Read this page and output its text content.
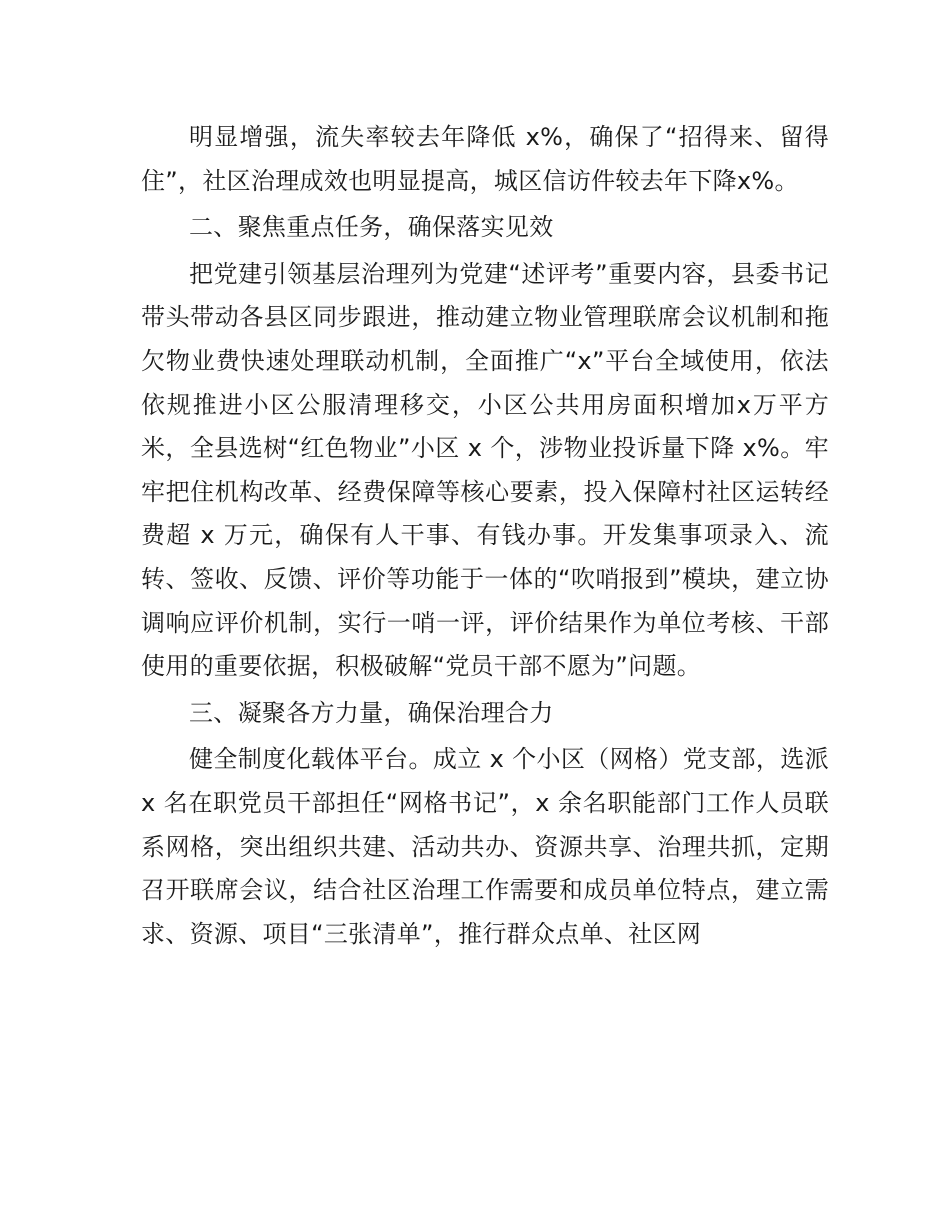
明显增强，流失率较去年降低 x%，确保了“招得来、留得住”，社区治理成效也明显提高，城区信访件较去年下降x%。

二、聚焦重点任务，确保落实见效

把党建引领基层治理列为党建“述评考”重要内容，县委书记带头带动各县区同步跟进，推动建立物业管理联席会议机制和拖欠物业费快速处理联动机制，全面推广“x”平台全域使用，依法依规推进小区公服清理移交，小区公共用房面积增加x万平方米，全县选树“红色物业”小区 x 个，涉物业投诉量下降 x%。牢牢把住机构改革、经费保障等核心要素，投入保障村社区运转经费超 x 万元，确保有人干事、有钱办事。开发集事项录入、流转、签收、反馈、评价等功能于一体的“吹哨报到”模块，建立协调响应评价机制，实行一哨一评，评价结果作为单位考核、干部使用的重要依据，积极破解“党员干部不愿为”问题。

三、凝聚各方力量，确保治理合力

健全制度化载体平台。成立 x 个小区（网格）党支部，选派 x 名在职党员干部担任“网格书记”，x 余名职能部门工作人员联系网格，突出组织共建、活动共办、资源共享、治理共抓，定期召开联席会议，结合社区治理工作需要和成员单位特点，建立需求、资源、项目“三张清单”，推行群众点单、社区网
